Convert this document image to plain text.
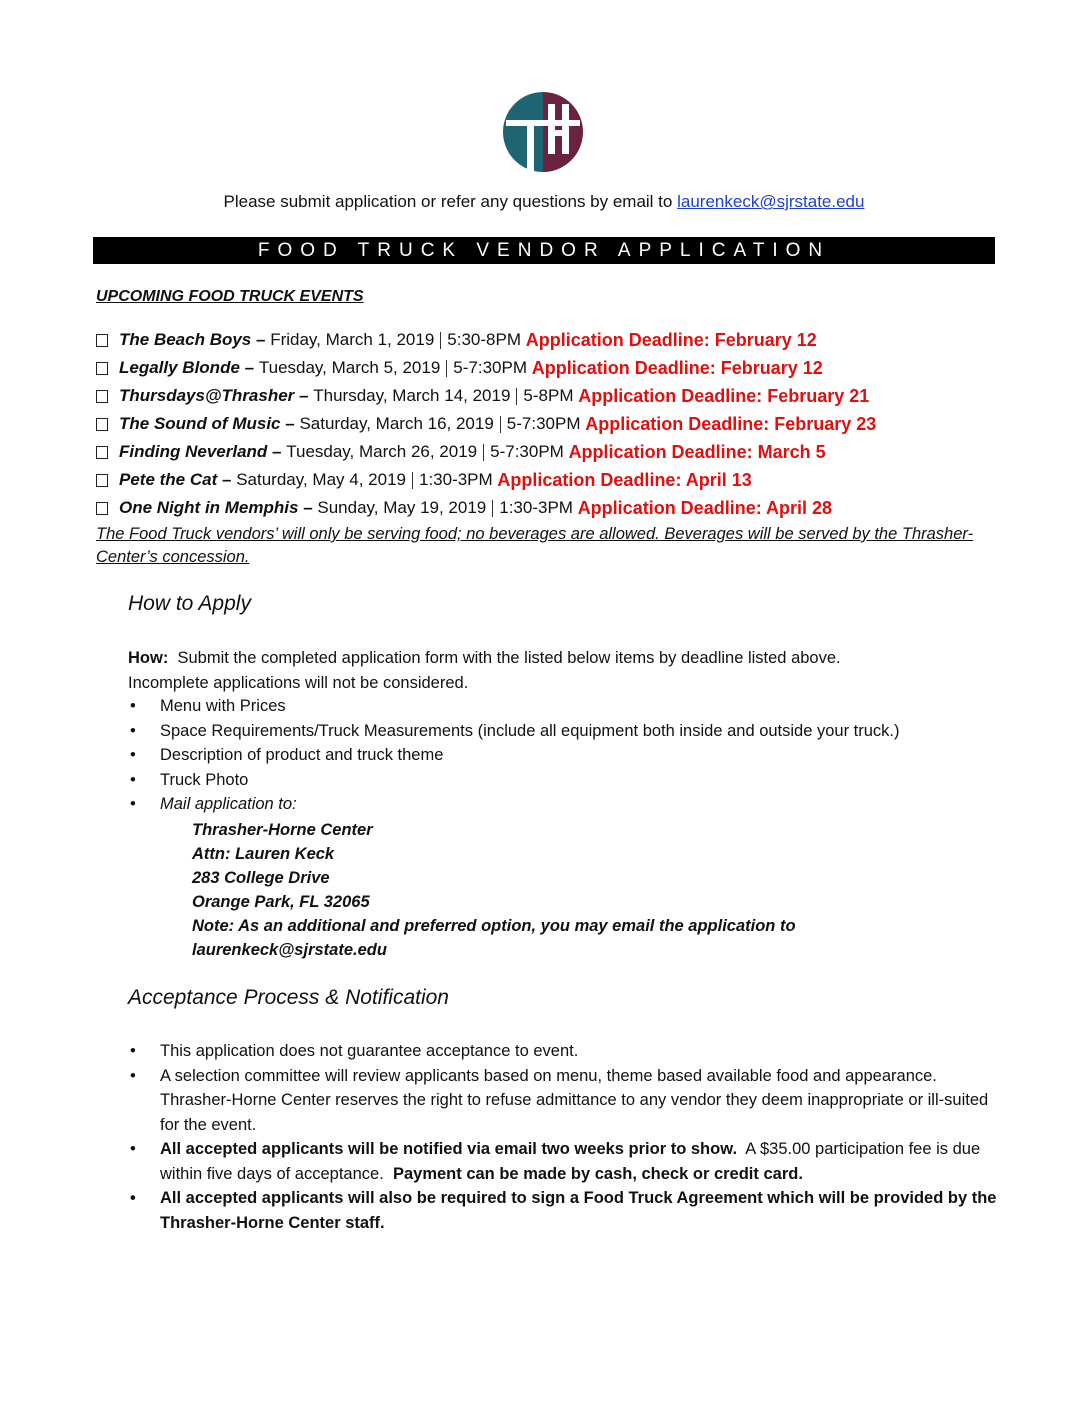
Please submit application or refer any questions by email to laurenkeck@sjrstate.edu
FOOD TRUCK VENDOR APPLICATION
UPCOMING FOOD TRUCK EVENTS
The Beach Boys
–
Friday, March 1, 2019 5:30-8PM
Application Deadline: February 12
Legally Blonde
–
Tuesday, March 5, 2019 5-7:30PM
Application Deadline: February 12
Thursdays@Thrasher
–
Thursday, March 14, 2019 5-8PM
Application Deadline: February 21
The Sound of Music
–
Saturday, March 16, 2019 5-7:30PM
Application Deadline: February 23
Finding Neverland
–
Tuesday, March 26, 2019 5-7:30PM
Application Deadline: March 5
Pete the Cat
–
Saturday, May 4, 2019 1:30-3PM
Application Deadline: April 13
One Night in Memphis
–
Sunday, May 19, 2019 1:30-3PM
Application Deadline: April 28
The Food Truck vendors’ will only be serving food; no beverages are allowed. Beverages will be served by the Thrasher-Center’s concession.
How to Apply
How: Submit the completed application form with the listed below items by deadline listed above.
Incomplete applications will not be considered.
• Menu with Prices
• Space Requirements/Truck Measurements (include all equipment both inside and outside your truck.)
• Description of product and truck theme
• Truck Photo
• Mail application to:
Thrasher-Horne Center
Attn: Lauren Keck
283 College Drive
Orange Park, FL 32065
Note: As an additional and preferred option, you may email the application to
laurenkeck@sjrstate.edu
Acceptance Process & Notification
• This application does not guarantee acceptance to event.
• A selection committee will review applicants based on menu, theme based available food and appearance. Thrasher-Horne Center reserves the right to refuse admittance to any vendor they deem inappropriate or ill-suited for the event.
• All accepted applicants will be notified via email two weeks prior to show. A $35.00 participation fee is due within five days of acceptance. Payment can be made by cash, check or credit card.
• All accepted applicants will also be required to sign a Food Truck Agreement which will be provided by the Thrasher-Horne Center staff.
